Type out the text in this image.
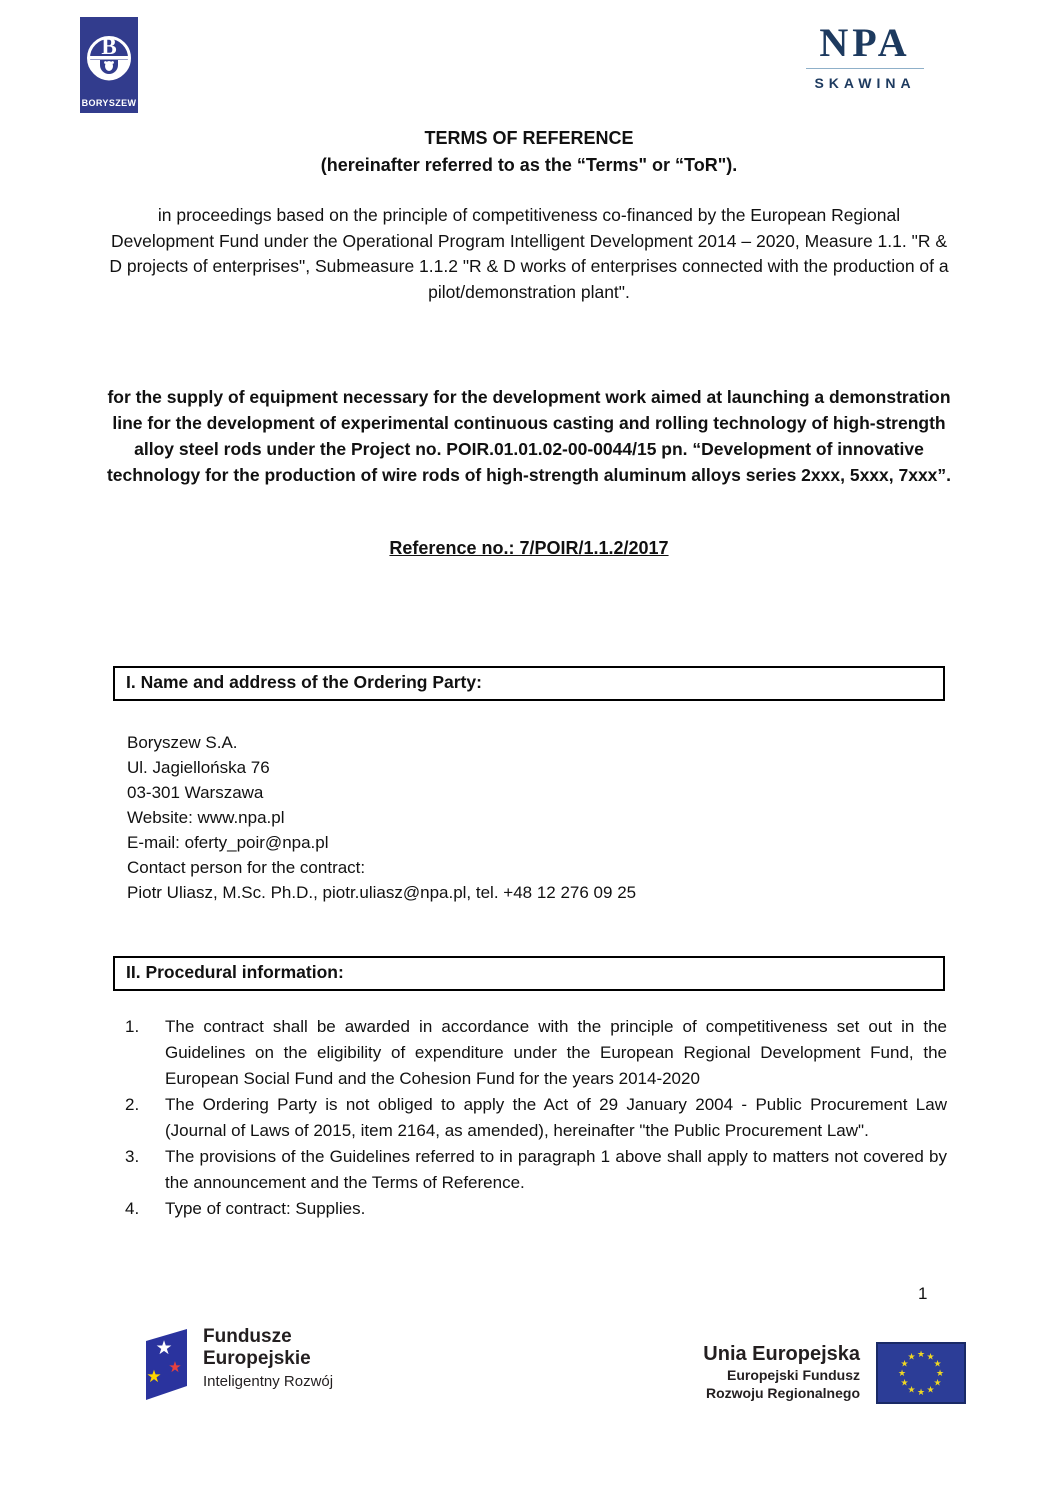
B
BORYSZEW
NPA
SKAWINA
TERMS OF REFERENCE
(hereinafter referred to as the “Terms" or “ToR").
in proceedings based on the principle of competitiveness co-financed by the European Regional Development Fund under the Operational Program Intelligent Development 2014 – 2020, Measure 1.1. "R & D projects of enterprises", Submeasure 1.1.2 "R & D works of enterprises connected with the production of a pilot/demonstration plant".
for the supply of equipment necessary for the development work aimed at launching a demonstration line for the development of experimental continuous casting and rolling technology of high-strength alloy steel rods under the Project no. POIR.01.01.02-00-0044/15 pn. “Development of innovative technology for the production of wire rods of high-strength aluminum alloys series 2xxx, 5xxx, 7xxx”.
Reference no.: 7/POIR/1.1.2/2017
I. Name and address of the Ordering Party:
Boryszew S.A.
Ul. Jagiellońska 76
03-301 Warszawa
Website: www.npa.pl
E-mail: oferty_poir@npa.pl
Contact person for the contract:
Piotr Uliasz, M.Sc. Ph.D., piotr.uliasz@npa.pl, tel. +48 12 276 09 25
II. Procedural information:
1.	The contract shall be awarded in accordance with the principle of competitiveness set out in the Guidelines on the eligibility of expenditure under the European Regional Development Fund, the European Social Fund and the Cohesion Fund for the years 2014-2020
2.	The Ordering Party is not obliged to apply the Act of 29 January 2004 - Public Procurement Law (Journal of Laws of 2015, item 2164, as amended), hereinafter "the Public Procurement Law".
3.	The provisions of the Guidelines referred to in paragraph 1 above shall apply to matters not covered by the announcement and the Terms of Reference.
4.	Type of contract: Supplies.
1
★
★
★
Fundusze
Europejskie
Inteligentny Rozwój
Unia Europejska
Europejski Fundusz
Rozwoju Regionalnego
★ ★
★
★
★
★
★
★
★
★
★
★
